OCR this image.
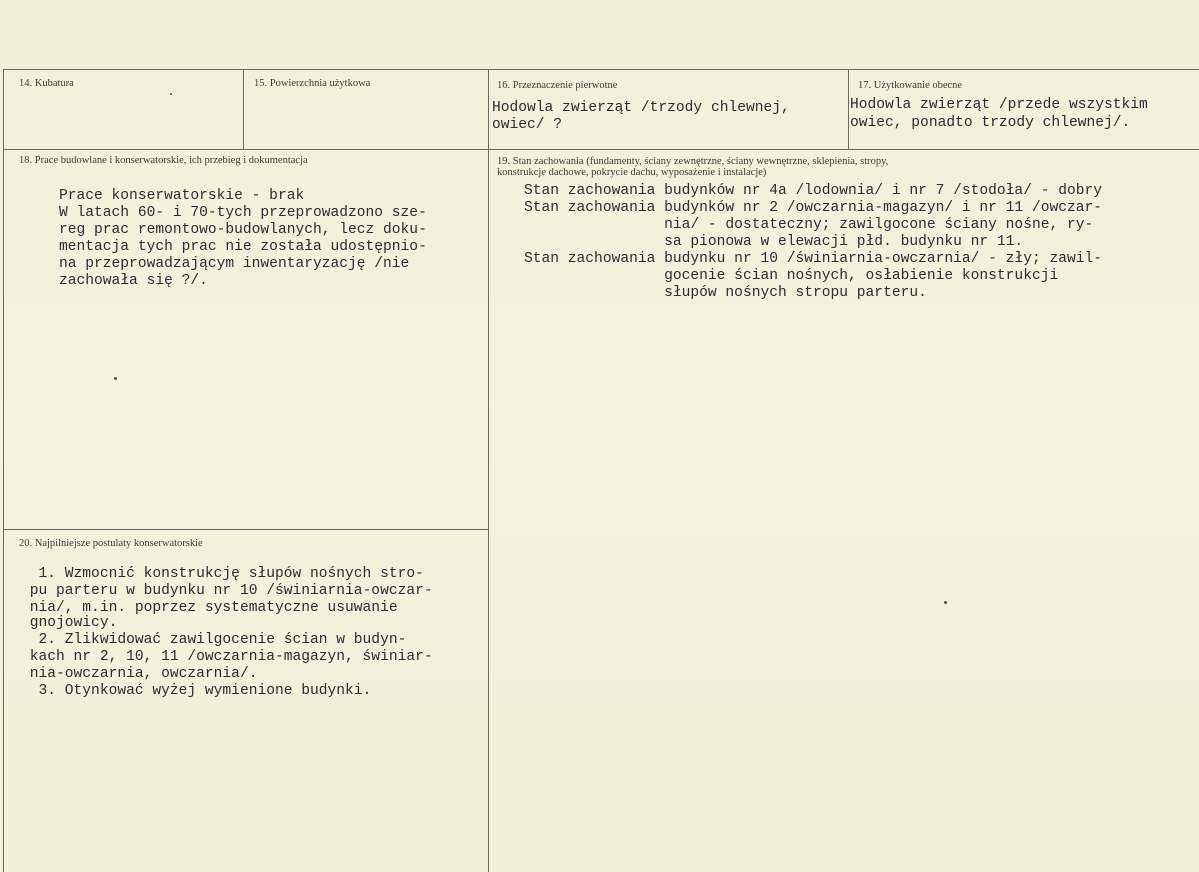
14. Kubatura	15. Powierzchnia użytkowa	16. Przeznaczenie pierwotne
Hodowla zwierząt /trzody chlewnej,
owiec/ ?
17. Użytkowanie obecne
Hodowla zwierząt /przede wszystkim
owiec, ponadto trzody chlewnej/.
18. Prace budowlane i konserwatorskie, ich przebieg i dokumentacja
Prace konserwatorskie - brak
W latach 60- i 70-tych przeprowadzono sze-
reg prac remontowo-budowlanych, lecz doku-
mentacja tych prac nie została udostępnio-
na przeprowadzającym inwentaryzację /nie
zachowała się ?/.
19. Stan zachowania (fundamenty, ściany zewnętrzne, ściany wewnętrzne, sklepienia, stropy,
konstrukcje dachowe, pokrycie dachu, wyposażenie i instalacje)
Stan zachowania budynków nr 4a /lodownia/ i nr 7 /stodoła/ - dobry
Stan zachowania budynków nr 2 /owczarnia-magazyn/ i nr 11 /owczar-
nia/ - dostateczny; zawilgocone ściany nośne, ry-
sa pionowa w elewacji płd. budynku nr 11.
Stan zachowania budynku nr 10 /świniarnia-owczarnia/ - zły; zawil-
gocenie ścian nośnych, osłabienie konstrukcji
słupów nośnych stropu parteru.
20. Najpilniejsze postulaty konserwatorskie
1. Wzmocnić konstrukcję słupów nośnych stro-
pu parteru w budynku nr 10 /świniarnia-owczar-
nia/, m.in. poprzez systematyczne usuwanie
gnojowicy.
2. Zlikwidować zawilgocenie ścian w budyn-
kach nr 2, 10, 11 /owczarnia-magazyn, świniar-
nia-owczarnia, owczarnia/.
3. Otynkować wyżej wymienione budynki.
